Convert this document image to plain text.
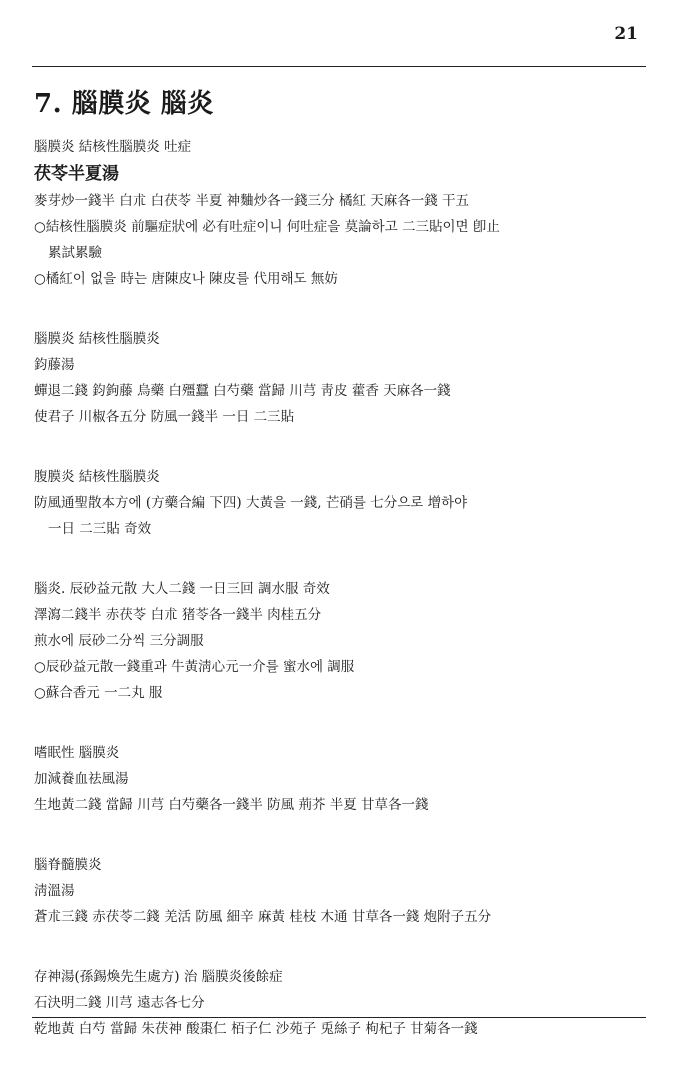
21
7. 腦膜炎 腦炎
腦膜炎 結核性腦膜炎 吐症
茯苓半夏湯
麥芽炒一錢半 白朮 白茯苓 半夏 神麯炒各一錢三分 橘紅 天麻各一錢 干五
○結核性腦膜炎 前驅症狀에 必有吐症이니 何吐症을 莫論하고 二三貼이면 卽止
累試累驗
○橘紅이 없을 時는 唐陳皮나 陳皮를 代用해도 無妨
腦膜炎 結核性腦膜炎
鈞藤湯
蟬退二錢 鈞鉤藤 烏藥 白殭蠶 白芍藥 當歸 川芎 靑皮 藿香 天麻各一錢
使君子 川椒各五分 防風一錢半 一日 二三貼
腹膜炎 結核性腦膜炎
防風通聖散本方에 (方藥合編 下四) 大黃을 一錢, 芒硝를 七分으로 增하야
一日 二三貼 奇效
腦炎. 辰砂益元散 大人二錢 一日三回 調水服 奇效
澤瀉二錢半 赤茯苓 白朮 猪苓各一錢半 肉桂五分
煎水에 辰砂二分씩 三分調服
○辰砂益元散一錢重과 牛黃淸心元一介를 蜜水에 調服
○蘇合香元 一二丸 服
嗜眠性 腦膜炎
加減養血祛風湯
生地黃二錢 當歸 川芎 白芍藥各一錢半 防風 荊芥 半夏 甘草各一錢
腦脊髓膜炎
淸溫湯
蒼朮三錢 赤茯苓二錢 羌活 防風 細辛 麻黃 桂枝 木通 甘草各一錢 炮附子五分
存神湯(孫錫煥先生處方) 治 腦膜炎後餘症
石決明二錢 川芎 遠志各七分
乾地黃 白芍 當歸 朱茯神 酸棗仁 栢子仁 沙苑子 兎絲子 枸杞子 甘菊各一錢
